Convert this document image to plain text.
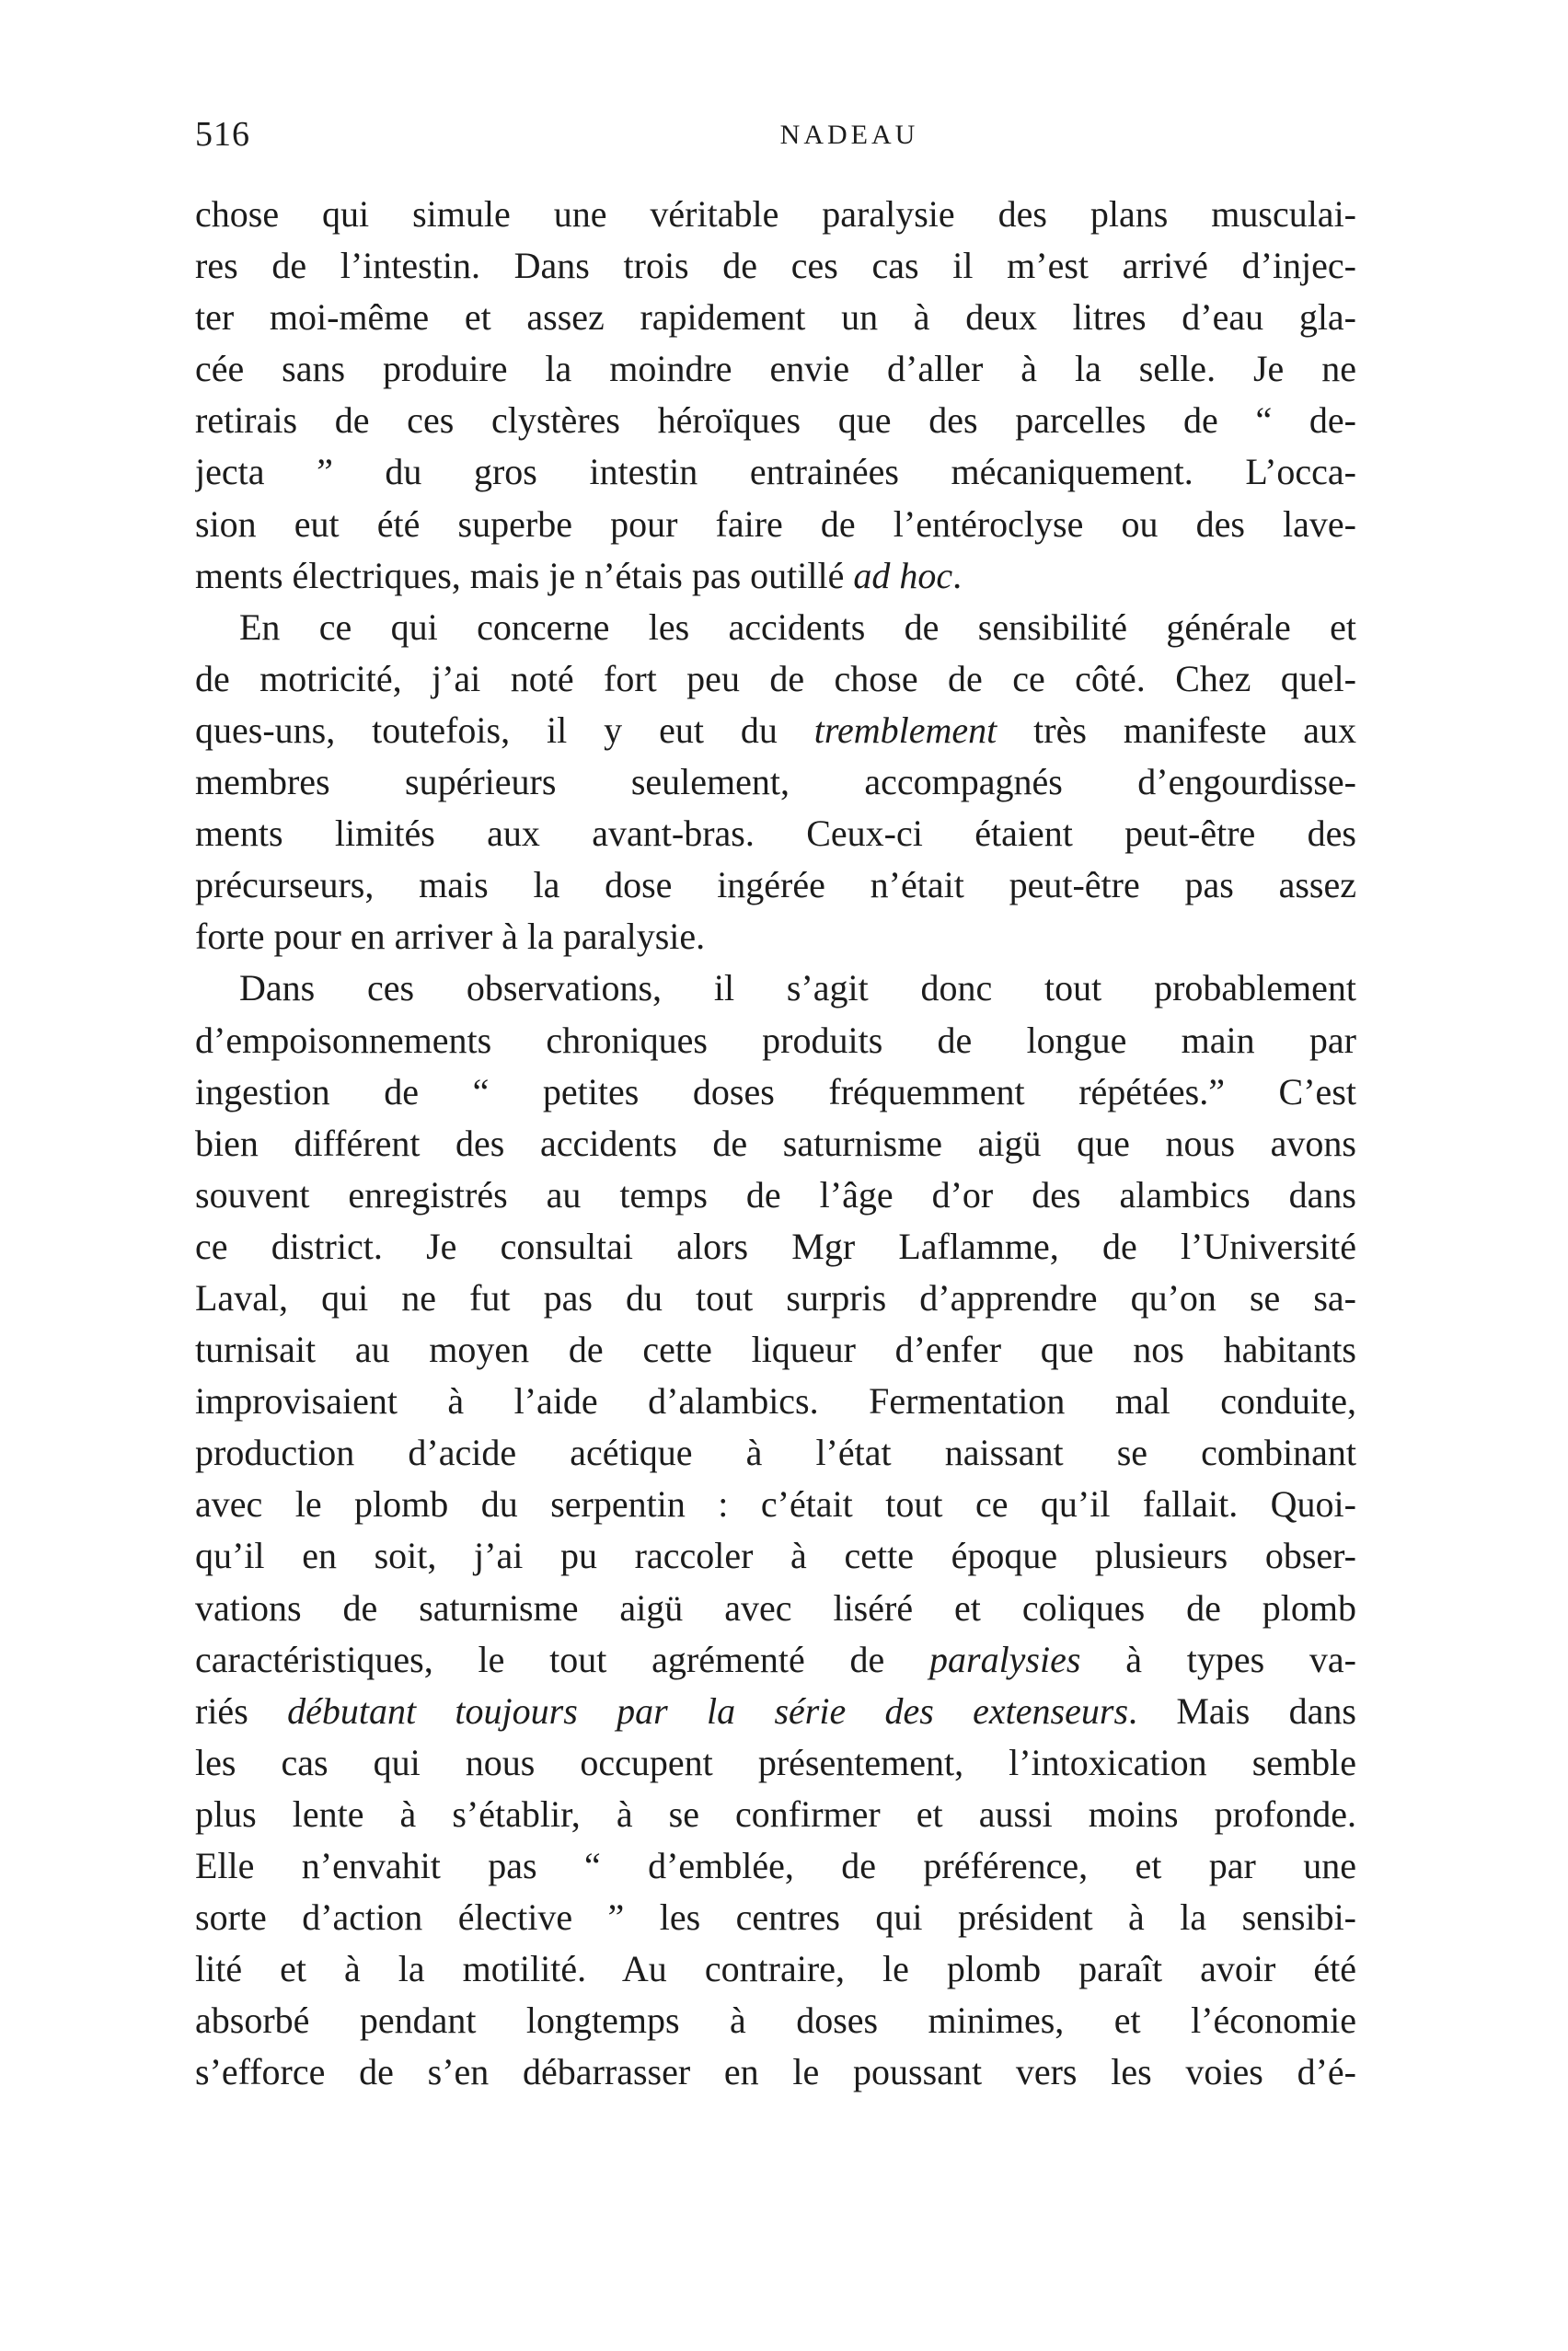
516	NADEAU
chose qui simule une véritable paralysie des plans musculai-
res de l’intestin. Dans trois de ces cas il m’est arrivé d’injec-
ter moi-même et assez rapidement un à deux litres d’eau gla-
cée sans produire la moindre envie d’aller à la selle. Je ne
retirais de ces clystères héroïques que des parcelles de “ de-
jecta ” du gros intestin entrainées mécaniquement. L’occa-
sion eut été superbe pour faire de l’entéroclyse ou des lave-
ments électriques, mais je n’étais pas outillé ad hoc.
En ce qui concerne les accidents de sensibilité générale et
de motricité, j’ai noté fort peu de chose de ce côté. Chez quel-
ques-uns, toutefois, il y eut du tremblement très manifeste aux
membres supérieurs seulement, accompagnés d’engourdisse-
ments limités aux avant-bras. Ceux-ci étaient peut-être des
précurseurs, mais la dose ingérée n’était peut-être pas assez
forte pour en arriver à la paralysie.
Dans ces observations, il s’agit donc tout probablement
d’empoisonnements chroniques produits de longue main par
ingestion de “ petites doses fréquemment répétées.” C’est
bien différent des accidents de saturnisme aigü que nous avons
souvent enregistrés au temps de l’âge d’or des alambics dans
ce district. Je consultai alors Mgr Laflamme, de l’Université
Laval, qui ne fut pas du tout surpris d’apprendre qu’on se sa-
turnisait au moyen de cette liqueur d’enfer que nos habitants
improvisaient à l’aide d’alambics. Fermentation mal conduite,
production d’acide acétique à l’état naissant se combinant
avec le plomb du serpentin : c’était tout ce qu’il fallait. Quoi-
qu’il en soit, j’ai pu raccoler à cette époque plusieurs obser-
vations de saturnisme aigü avec liséré et coliques de plomb
caractéristiques, le tout agrémenté de paralysies à types va-
riés débutant toujours par la série des extenseurs. Mais dans
les cas qui nous occupent présentement, l’intoxication semble
plus lente à s’établir, à se confirmer et aussi moins profonde.
Elle n’envahit pas “ d’emblée, de préférence, et par une
sorte d’action élective ” les centres qui président à la sensibi-
lité et à la motilité. Au contraire, le plomb paraît avoir été
absorbé pendant longtemps à doses minimes, et l’économie
s’efforce de s’en débarrasser en le poussant vers les voies d’é-
